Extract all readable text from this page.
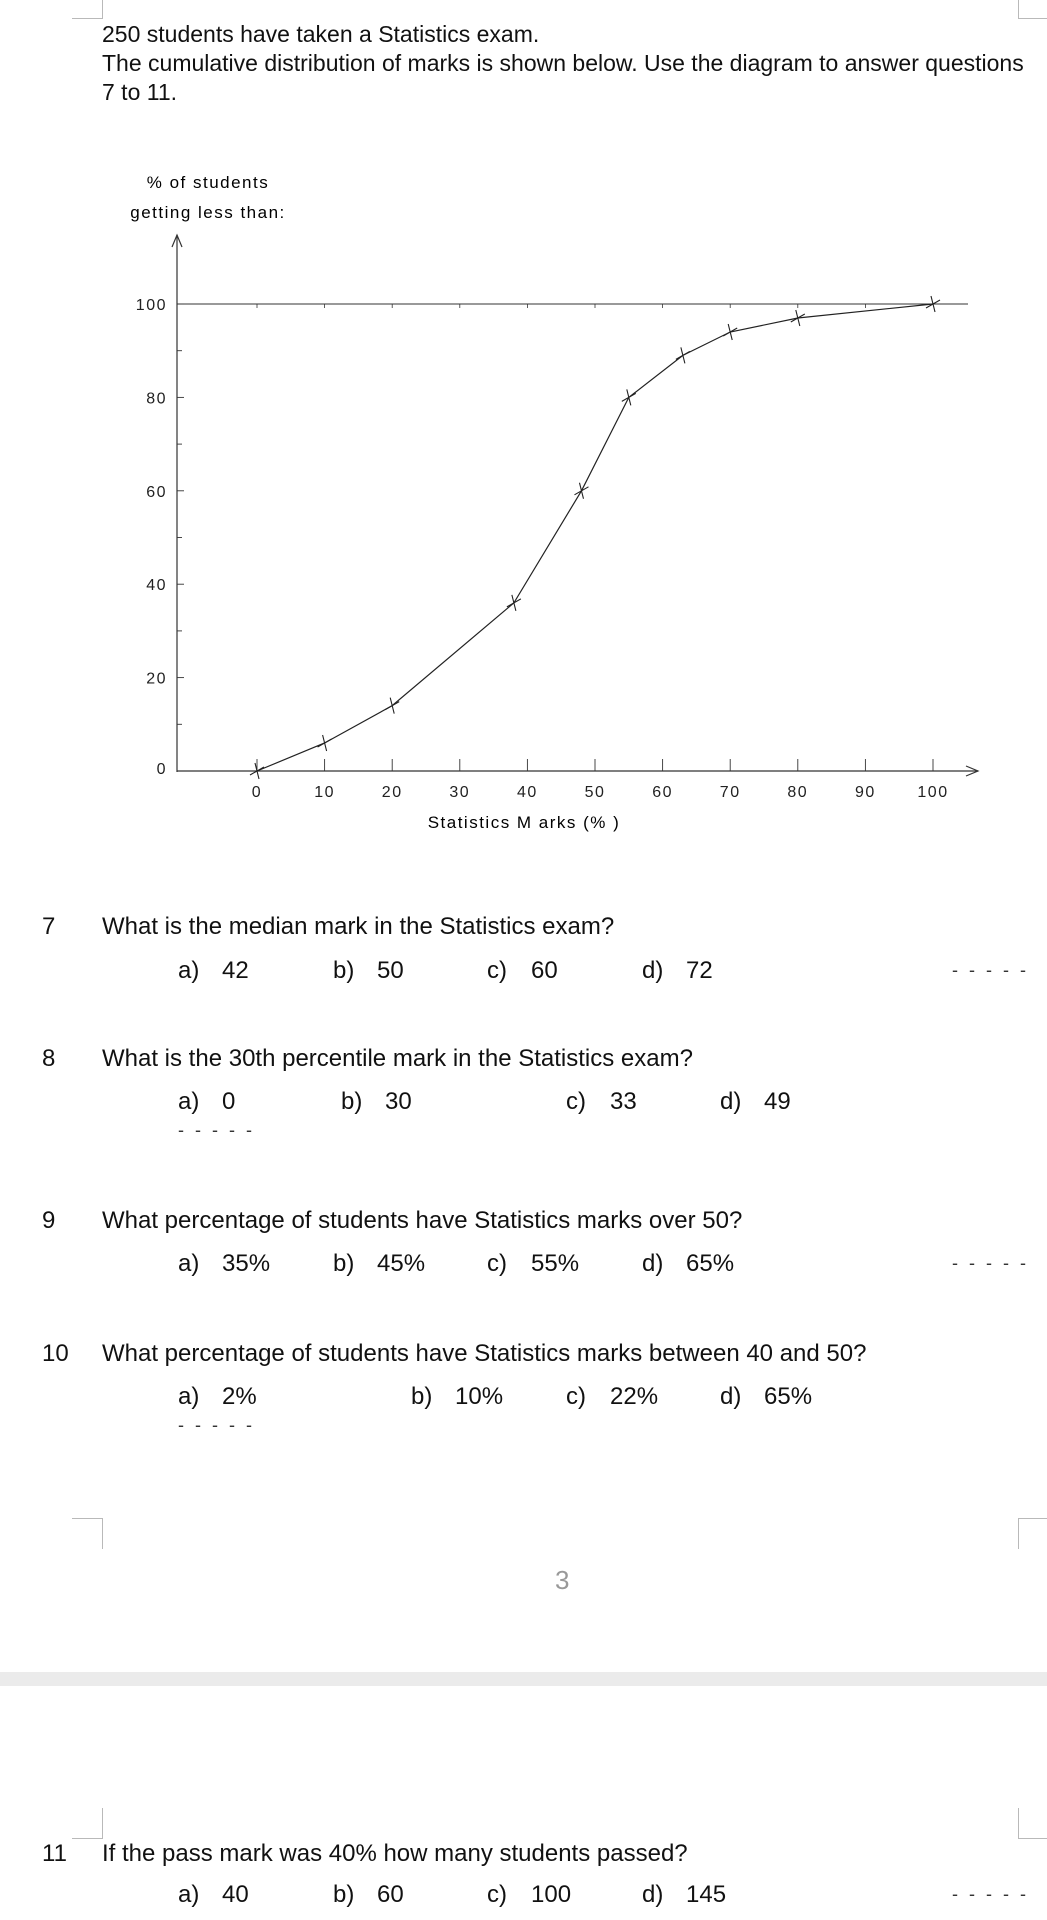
250 students have taken a Statistics exam.

The cumulative distribution of marks is shown below. Use the diagram to answer questions 7 to 11.

% of students
getting less than:
0
20
40
60
80
100
0	10	20	30	40	50	60	70	80	90	100
Statistics M arks (% )
7 What is the median mark in the Statistics exam?
a) 42	b) 50	c) 60	d) 72	- - - - -
8 What is the 30th percentile mark in the Statistics exam?
a) 0	b) 30	c) 33	d) 49
- - - - -
9 What percentage of students have Statistics marks over 50?
a) 35%	b) 45%	c) 55%	d) 65%	- - - - -
10 What percentage of students have Statistics marks between 40 and 50?
a) 2%	b) 10%	c) 22%	d) 65%
- - - - -
3
11 If the pass mark was 40% how many students passed?
a) 40	b) 60	c) 100	d) 145	- - - - -
